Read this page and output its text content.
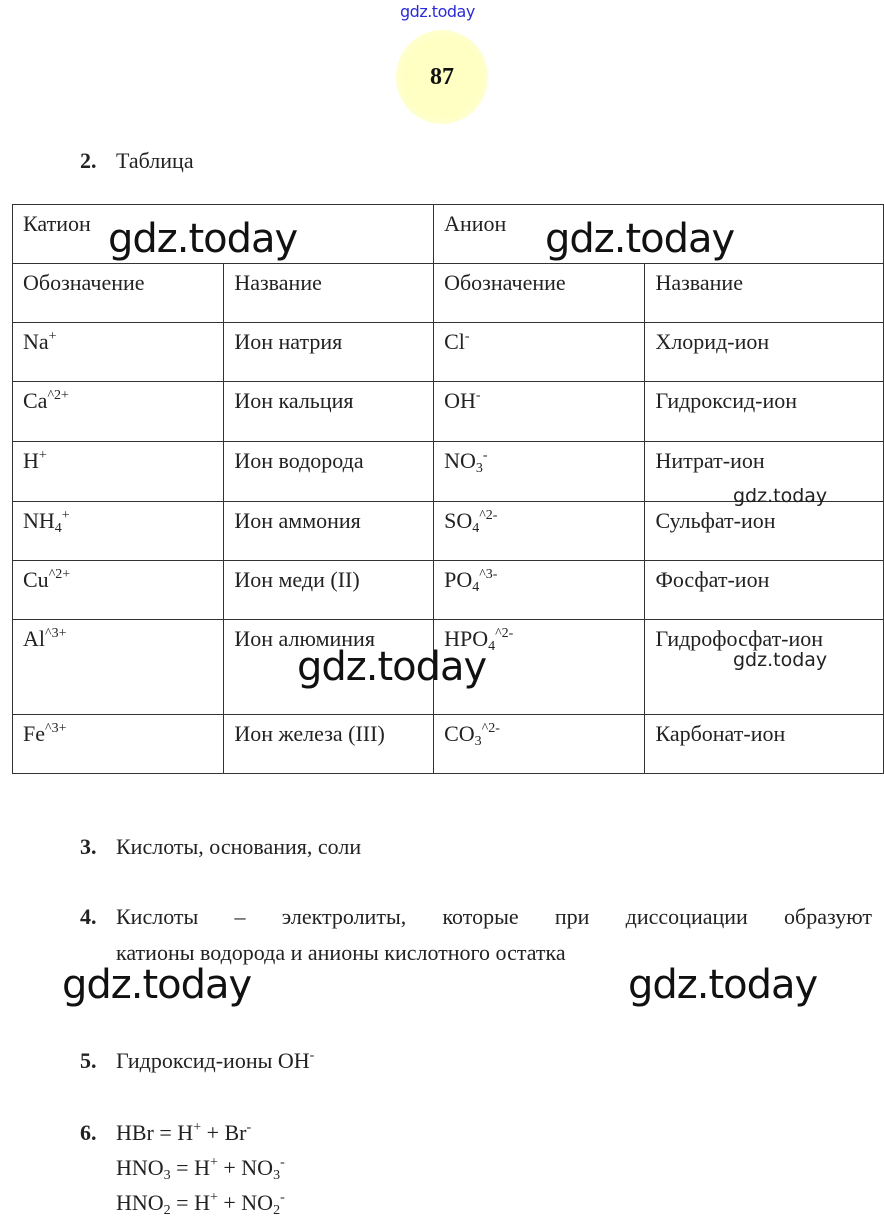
gdz.today
87
2. Таблица
Катион		Анион	
Обозначение	Название	Обозначение	Название
Na+	Ион натрия	Cl-	Хлорид-ион
$Ca^{\^{}2+}$	Ион кальция	OH-	Гидроксид-ион
H+	Ион водорода	$NO_3^-$	Нитрат-ион
$NH_4^+$	Ион аммония	$SO_4^{\^{}2-}$	Сульфат-ион
$Cu^{\^{}2+}$	Ион меди (II)	$PO_4^{\^{}3-}$	Фосфат-ион
$Al^{\^{}3+}$	Ион алюминия	$HPO_4^{\^{}2-}$	Гидрофосфат-​ион
$Fe^{\^{}3+}$	Ион железа (III)	$CO_3^{\^{}2-}$	Карбонат-ион
gdz.today	gdz.today
gdz.today
gdz.today
gdz.today
3. Кислоты, основания, соли
4. Кислоты – электролиты, которые при диссоциации образуют
катионы водорода и анионы кислотного остатка
gdz.today	gdz.today
5. Гидроксид-ионы OH-
6. HBr = H+ + Br-
$HNO_3 = H^+ + NO_3^-$
$HNO_2 = H^+ + NO_2^-$
